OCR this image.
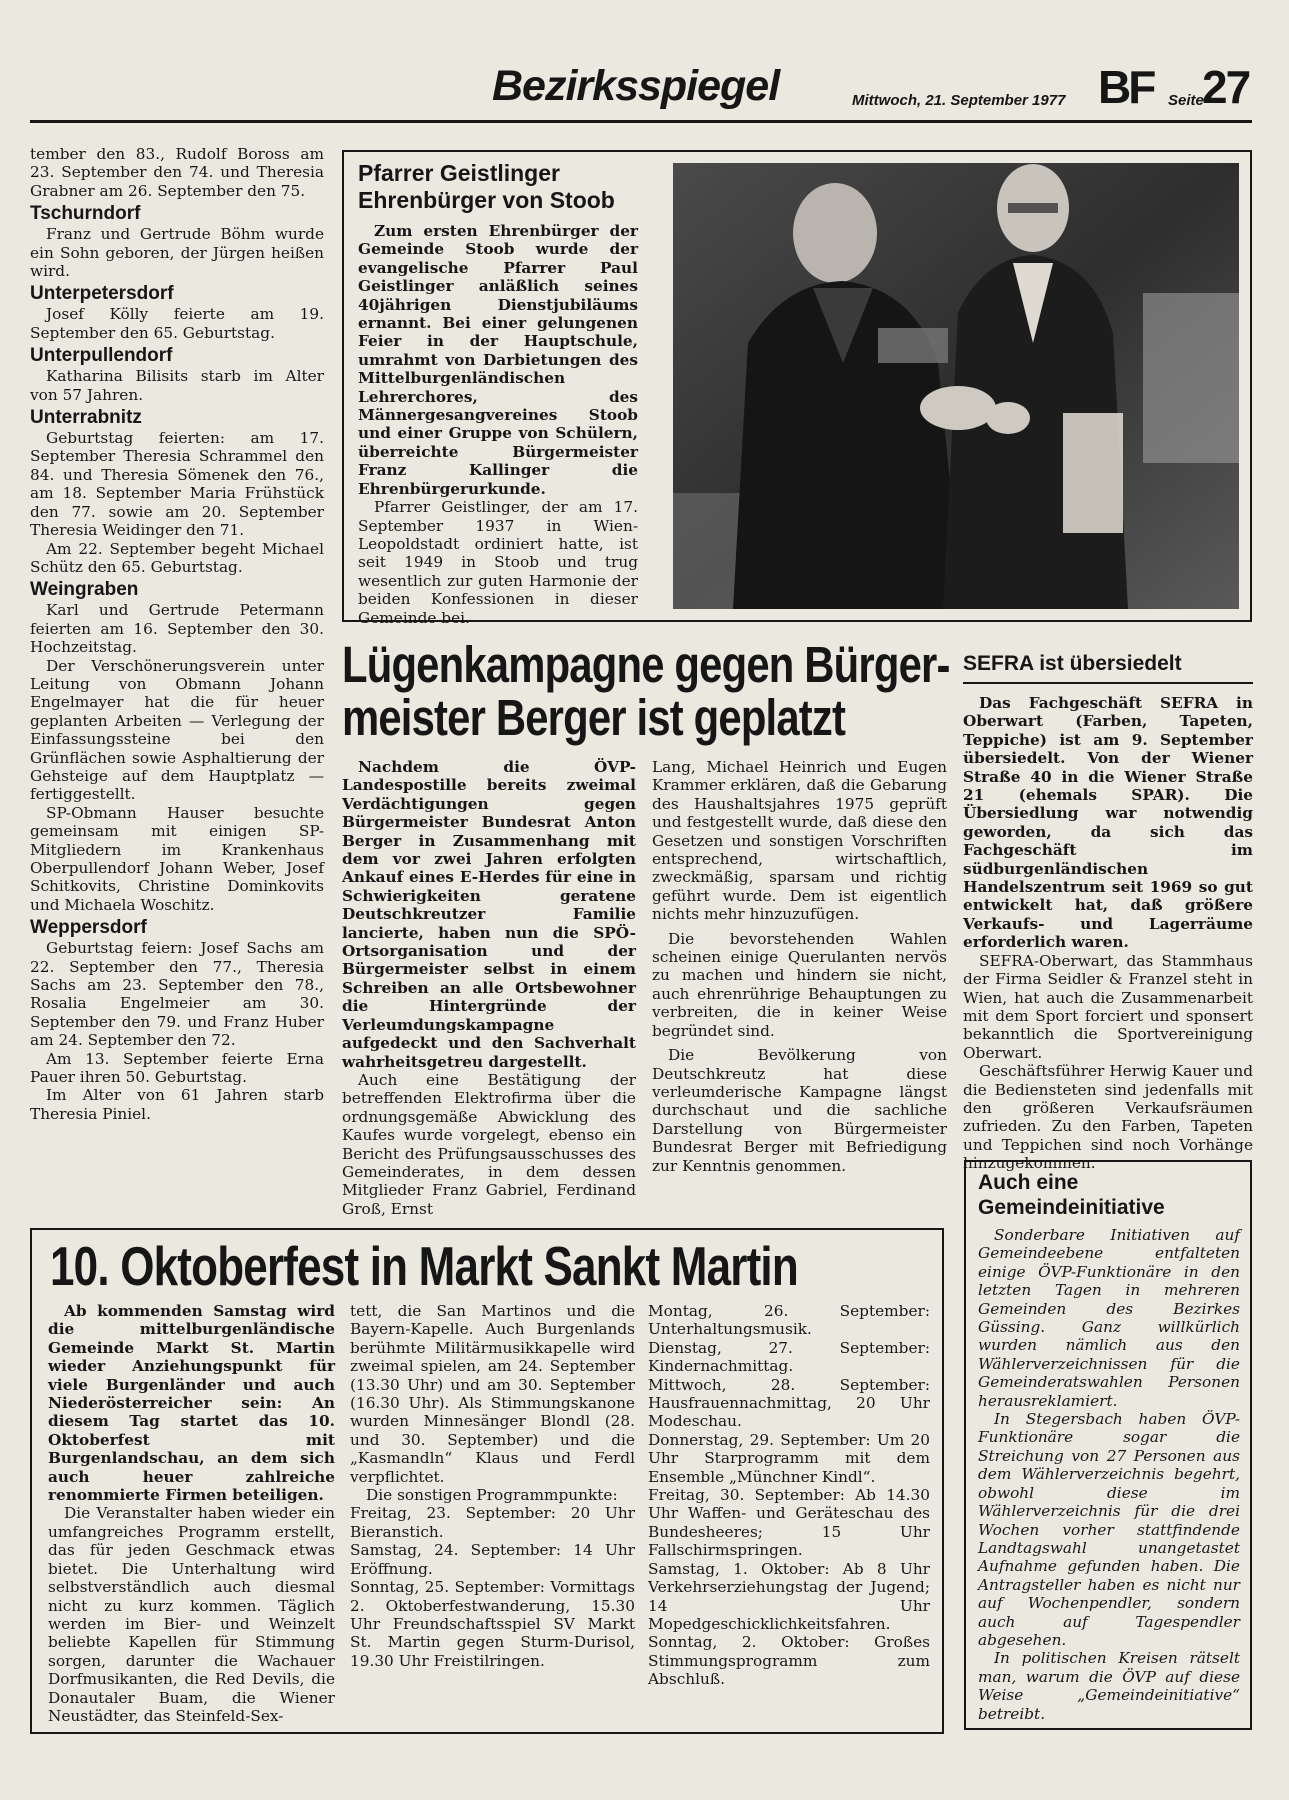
Bezirksspiegel	Mittwoch, 21. September 1977 BF Seite
27

tember den 83., Rudolf Boross am 23. September den 74. und Theresia Grabner am 26. September den 75.

Tschurndorf

Franz und Gertrude Böhm wurde ein Sohn geboren, der Jürgen heißen wird.

Unterpetersdorf

Josef Kölly feierte am 19. September den 65. Geburtstag.

Unterpullendorf

Katharina Bilisits starb im Alter von 57 Jahren.

Unterrabnitz

Geburtstag feierten: am 17. September Theresia Schrammel den 84. und Theresia Sömenek den 76., am 18. September Maria Frühstück den 77. sowie am 20. September Theresia Weidinger den 71.

Am 22. September begeht Michael Schütz den 65. Geburtstag.

Weingraben

Karl und Gertrude Petermann feierten am 16. September den 30. Hochzeitstag.

Der Verschönerungsverein unter Leitung von Obmann Johann Engelmayer hat die für heuer geplanten Arbeiten — Verlegung der Einfassungssteine bei den Grünflächen sowie Asphaltierung der Gehsteige auf dem Hauptplatz — fertiggestellt.

SP-Obmann Hauser besuchte gemeinsam mit einigen SP-Mitgliedern im Krankenhaus Oberpullendorf Johann Weber, Josef Schitkovits, Christine Dominkovits und Michaela Woschitz.

Weppersdorf

Geburtstag feiern: Josef Sachs am 22. September den 77., Theresia Sachs am 23. September den 78., Rosalia Engelmeier am 30. September den 79. und Franz Huber am 24. September den 72.

Am 13. September feierte Erna Pauer ihren 50. Geburtstag.

Im Alter von 61 Jahren starb Theresia Piniel.

Pfarrer Geistlinger Ehrenbürger von Stoob

Zum ersten Ehrenbürger der Gemeinde Stoob wurde der evangelische Pfarrer Paul Geistlinger anläßlich seines 40jährigen Dienstjubiläums ernannt. Bei einer gelungenen Feier in der Hauptschule, umrahmt von Darbietungen des Mittelburgenländischen Lehrerchores, des Männergesangvereines Stoob und einer Gruppe von Schülern, überreichte Bürgermeister Franz Kallinger die Ehrenbürgerurkunde.

Pfarrer Geistlinger, der am 17. September 1937 in Wien-Leopoldstadt ordiniert hatte, ist seit 1949 in Stoob und trug wesentlich zur guten Harmonie der beiden Konfessionen in dieser Gemeinde bei.

Lügenkampagne gegen Bürger-
meister Berger ist geplatzt

Nachdem die ÖVP-Landespostille bereits zweimal Verdächtigungen gegen Bürgermeister Bundesrat Anton Berger in Zusammenhang mit dem vor zwei Jahren erfolgten Ankauf eines E-Herdes für eine in Schwierigkeiten geratene Deutschkreutzer Familie lancierte, haben nun die SPÖ-Ortsorganisation und der Bürgermeister selbst in einem Schreiben an alle Ortsbewohner die Hintergründe der Verleumdungskampagne aufgedeckt und den Sachverhalt wahrheitsgetreu dargestellt.

Auch eine Bestätigung der betreffenden Elektrofirma über die ordnungsgemäße Abwicklung des Kaufes wurde vorgelegt, ebenso ein Bericht des Prüfungsausschusses des Gemeinderates, in dem dessen Mitglieder Franz Gabriel, Ferdinand Groß, Ernst

Lang, Michael Heinrich und Eugen Krammer erklären, daß die Gebarung des Haushaltsjahres 1975 geprüft und festgestellt wurde, daß diese den Gesetzen und sonstigen Vorschriften entsprechend, wirtschaftlich, zweckmäßig, sparsam und richtig geführt wurde. Dem ist eigentlich nichts mehr hinzuzufügen.

Die bevorstehenden Wahlen scheinen einige Querulanten nervös zu machen und hindern sie nicht, auch ehrenrührige Behauptungen zu verbreiten, die in keiner Weise begründet sind.

Die Bevölkerung von Deutschkreutz hat diese verleumderische Kampagne längst durchschaut und die sachliche Darstellung von Bürgermeister Bundesrat Berger mit Befriedigung zur Kenntnis genommen.

SEFRA ist übersiedelt

Das Fachgeschäft SEFRA in Oberwart (Farben, Tapeten, Teppiche) ist am 9. September übersiedelt. Von der Wiener Straße 40 in die Wiener Straße 21 (ehemals SPAR). Die Übersiedlung war notwendig geworden, da sich das Fachgeschäft im südburgenländischen Handelszentrum seit 1969 so gut entwickelt hat, daß größere Verkaufs- und Lagerräume erforderlich waren.

SEFRA-Oberwart, das Stammhaus der Firma Seidler & Franzel steht in Wien, hat auch die Zusammenarbeit mit dem Sport forciert und sponsert bekanntlich die Sportvereinigung Oberwart.

Geschäftsführer Herwig Kauer und die Bediensteten sind jedenfalls mit den größeren Verkaufsräumen zufrieden. Zu den Farben, Tapeten und Teppichen sind noch Vorhänge hinzugekommen.

Auch eine Gemeindeinitiative

Sonderbare Initiativen auf Gemeindeebene entfalteten einige ÖVP-Funktionäre in den letzten Tagen in mehreren Gemeinden des Bezirkes Güssing. Ganz willkürlich wurden nämlich aus den Wählerverzeichnissen für die Gemeinderatswahlen Personen herausreklamiert.

In Stegersbach haben ÖVP-Funktionäre sogar die Streichung von 27 Personen aus dem Wählerverzeichnis begehrt, obwohl diese im Wählerverzeichnis für die drei Wochen vorher stattfindende Landtagswahl unangetastet Aufnahme gefunden haben. Die Antragsteller haben es nicht nur auf Wochenpendler, sondern auch auf Tagespendler abgesehen.

In politischen Kreisen rätselt man, warum die ÖVP auf diese Weise „Gemeindeinitiative“ betreibt.

10. Oktoberfest in Markt Sankt Martin

Ab kommenden Samstag wird die mittelburgenländische Gemeinde Markt St. Martin wieder Anziehungspunkt für viele Burgenländer und auch Niederösterreicher sein: An diesem Tag startet das 10. Oktoberfest mit Burgenlandschau, an dem sich auch heuer zahlreiche renommierte Firmen beteiligen.

Die Veranstalter haben wieder ein umfangreiches Programm erstellt, das für jeden Geschmack etwas bietet. Die Unterhaltung wird selbstverständlich auch diesmal nicht zu kurz kommen. Täglich werden im Bier- und Weinzelt beliebte Kapellen für Stimmung sorgen, darunter die Wachauer Dorfmusikanten, die Red Devils, die Donautaler Buam, die Wiener Neustädter, das Steinfeld-Sex-

tett, die San Martinos und die Bayern-Kapelle. Auch Burgenlands berühmte Militärmusikkapelle wird zweimal spielen, am 24. September (13.30 Uhr) und am 30. September (16.30 Uhr). Als Stimmungskanone wurden Minnesänger Blondl (28. und 30. September) und die „Kasmandln“ Klaus und Ferdl verpflichtet.

Die sonstigen Programmpunkte:

Freitag, 23. September: 20 Uhr Bieranstich.

Samstag, 24. September: 14 Uhr Eröffnung.

Sonntag, 25. September: Vormittags 2. Oktoberfestwanderung, 15.30 Uhr Freundschaftsspiel SV Markt St. Martin gegen Sturm-Durisol, 19.30 Uhr Freistilringen.

Montag, 26. September: Unterhaltungsmusik.

Dienstag, 27. September: Kindernachmittag.

Mittwoch, 28. September: Hausfrauennachmittag, 20 Uhr Modeschau.

Donnerstag, 29. September: Um 20 Uhr Starprogramm mit dem Ensemble „Münchner Kindl“.

Freitag, 30. September: Ab 14.30 Uhr Waffen- und Geräteschau des Bundesheeres; 15 Uhr Fallschirmspringen.

Samstag, 1. Oktober: Ab 8 Uhr Verkehrserziehungstag der Jugend; 14 Uhr Mopedgeschicklichkeitsfahren.

Sonntag, 2. Oktober: Großes Stimmungsprogramm zum Abschluß.
